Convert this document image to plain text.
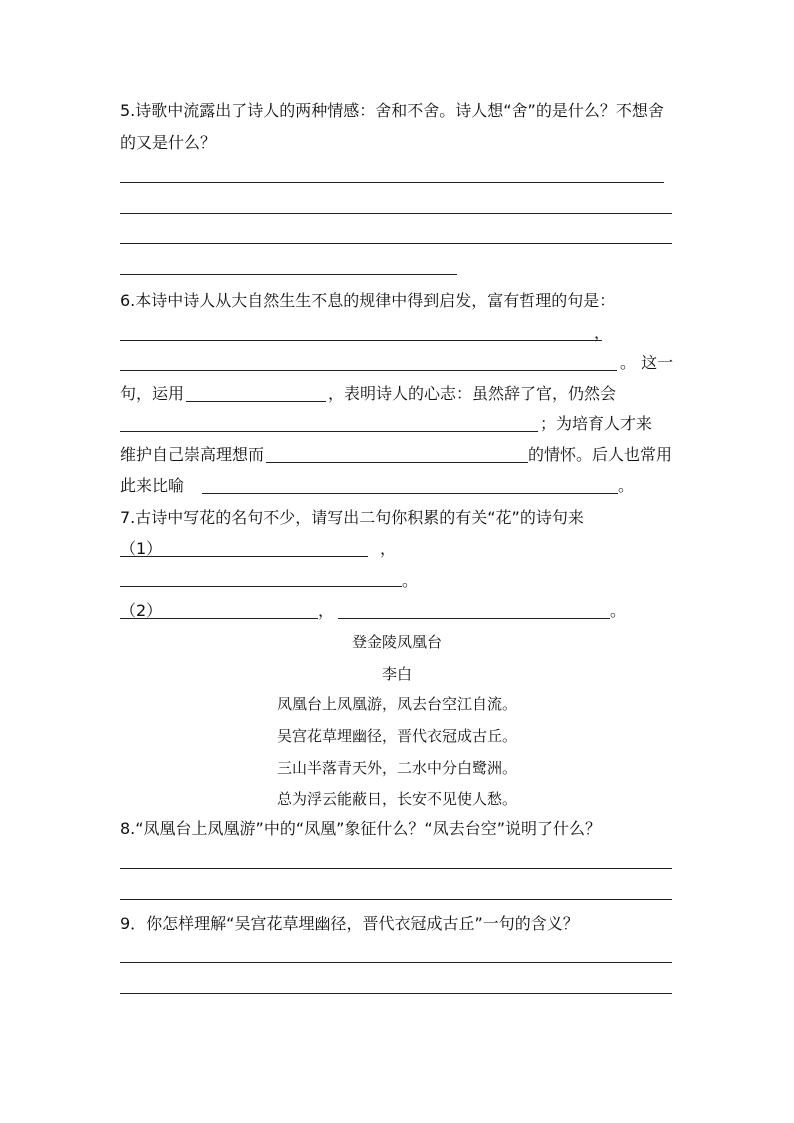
5.诗歌中流露出了诗人的两种情感：舍和不舍。诗人想“舍”的是什么？不想舍
的又是什么？
6.本诗中诗人从大自然生生不息的规律中得到启发，富有哲理的句是：
，
。 这一
句，运用	，表明诗人的心志：虽然辞了官，仍然会
；为培育人才来
维护自己崇高理想而	的情怀。后人也常用
此来比喻	。
7.古诗中写花的名句不少，请写出二句你积累的有关“花”的诗句来
（1）	，
。
（2）	，	。
登金陵凤凰台
李白
凤凰台上凤凰游，凤去台空江自流。
吴宫花草埋幽径，晋代衣冠成古丘。
三山半落青天外，二水中分白鹭洲。
总为浮云能蔽日，长安不见使人愁。
8.“凤凰台上凤凰游”中的“凤凰”象征什么？“凤去台空”说明了什么？
9．你怎样理解“吴宫花草埋幽径，晋代衣冠成古丘”一句的含义？
